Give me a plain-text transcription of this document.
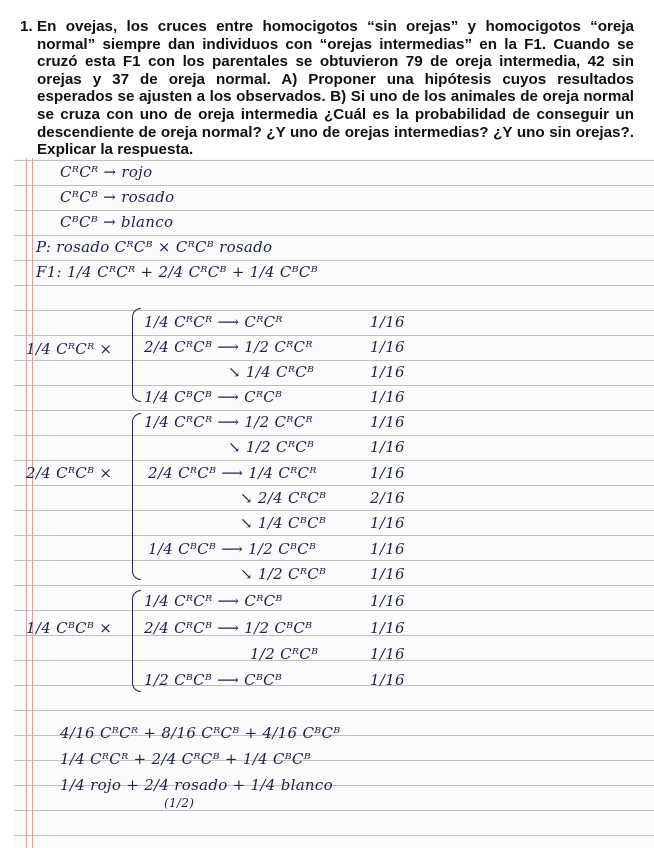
1. En ovejas, los cruces entre homocigotos “sin orejas” y homocigotos “oreja normal” siempre dan individuos con “orejas intermedias” en la F1. Cuando se cruzó esta F1 con los parentales se obtuvieron 79 de oreja intermedia, 42 sin orejas y 37 de oreja normal. A) Proponer una hipótesis cuyos resultados esperados se ajusten a los observados. B) Si uno de los animales de oreja normal se cruza con uno de oreja intermedia ¿Cuál es la probabilidad de conseguir un descendiente de oreja normal? ¿Y uno de orejas intermedias? ¿Y uno sin orejas?. Explicar la respuesta.
CᴿCᴿ → rojo
CᴿCᴮ → rosado
CᴮCᴮ → blanco
P: rosado CᴿCᴮ × CᴿCᴮ rosado
F1: 1/4 CᴿCᴿ + 2/4 CᴿCᴮ + 1/4 CᴮCᴮ
1/4 CᴿCᴿ ×
1/4 CᴿCᴿ ⟶ CᴿCᴿ	1/16
2/4 CᴿCᴮ ⟶ 1/2 CᴿCᴿ	1/16
↘ 1/4 CᴿCᴮ	1/16
1/4 CᴮCᴮ ⟶ CᴿCᴮ	1/16
2/4 CᴿCᴮ ×
1/4 CᴿCᴿ ⟶ 1/2 CᴿCᴿ	1/16
↘ 1/2 CᴿCᴮ	1/16
2/4 CᴿCᴮ ⟶ 1/4 CᴿCᴿ	1/16
↘ 2/4 CᴿCᴮ	2/16
↘ 1/4 CᴮCᴮ	1/16
1/4 CᴮCᴮ ⟶ 1/2 CᴮCᴮ	1/16
↘ 1/2 CᴿCᴮ	1/16
1/4 CᴮCᴮ ×
1/4 CᴿCᴿ ⟶ CᴿCᴮ	1/16
2/4 CᴿCᴮ ⟶ 1/2 CᴮCᴮ	1/16
1/2 CᴿCᴮ	1/16
1/2 CᴮCᴮ ⟶ CᴮCᴮ	1/16
4/16 CᴿCᴿ + 8/16 CᴿCᴮ + 4/16 CᴮCᴮ
1/4 CᴿCᴿ + 2/4 CᴿCᴮ + 1/4 CᴮCᴮ
1/4 rojo + 2/4 rosado + 1/4 blanco
(1/2)
